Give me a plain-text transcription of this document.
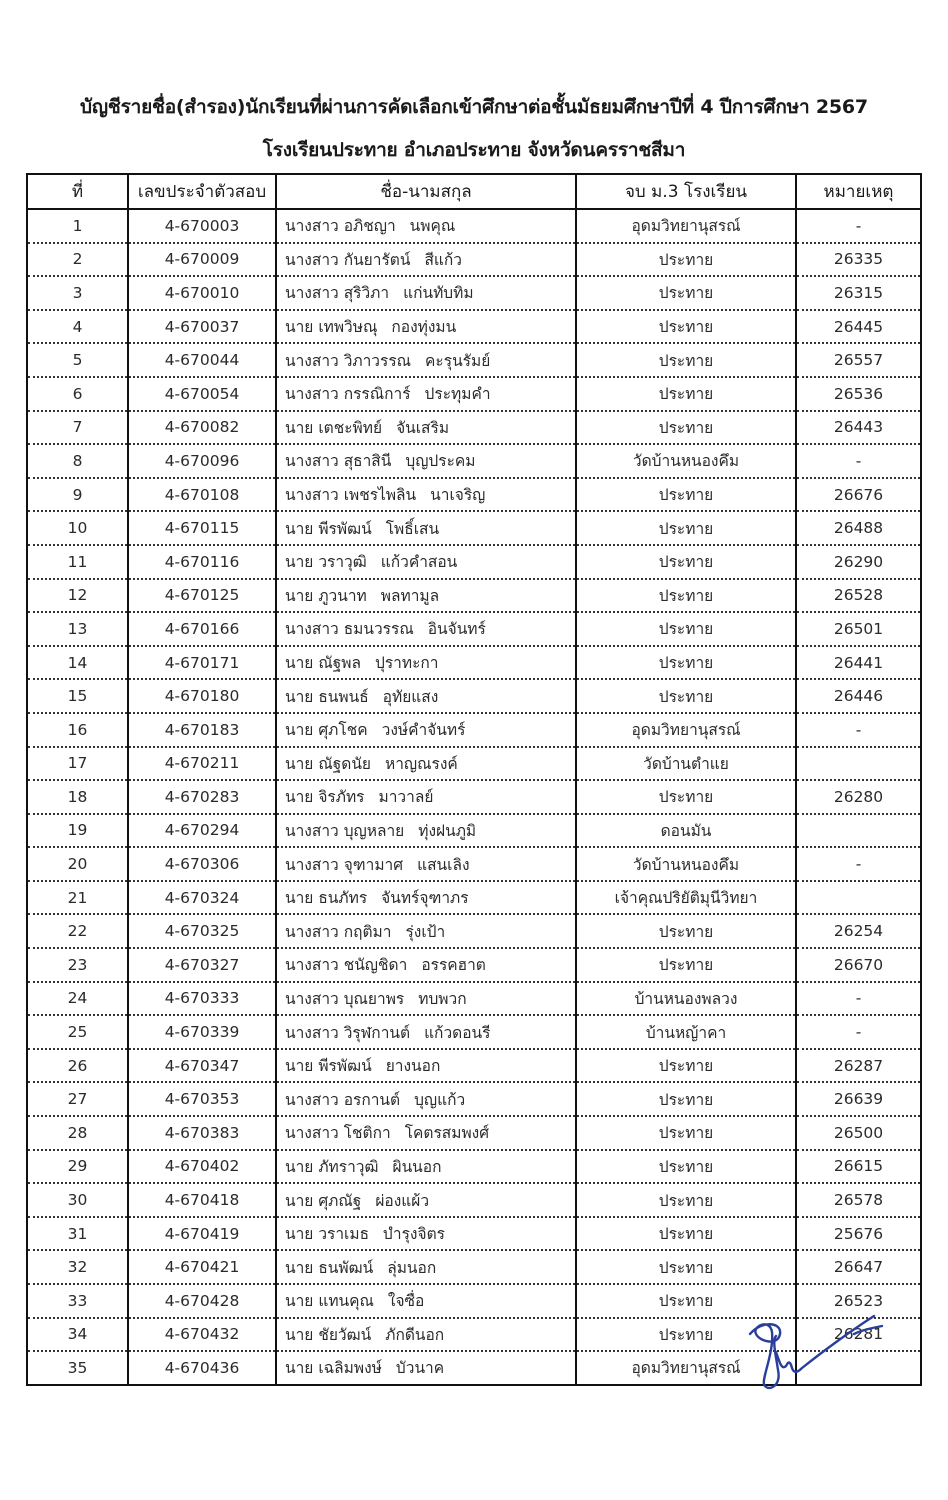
บัญชีรายชื่อ(สำรอง)นักเรียนที่ผ่านการคัดเลือกเข้าศึกษาต่อชั้นมัธยมศึกษาปีที่ 4 ปีการศึกษา 2567
โรงเรียนประทาย อำเภอประทาย จังหวัดนครราชสีมา
ที่	เลขประจำตัวสอบ	ชื่อ-นามสกุล	จบ ม.3 โรงเรียน	หมายเหตุ
1	4-670003	นางสาว อภิชญา นพคุณ	อุดมวิทยานุสรณ์	-
2	4-670009	นางสาว กันยารัตน์ สีแก้ว	ประทาย	26335
3	4-670010	นางสาว สุริวิภา แก่นทับทิม	ประทาย	26315
4	4-670037	นาย เทพวิษณุ กองทุ่งมน	ประทาย	26445
5	4-670044	นางสาว วิภาวรรณ คะรุนรัมย์	ประทาย	26557
6	4-670054	นางสาว กรรณิการ์ ประทุมคำ	ประทาย	26536
7	4-670082	นาย เตชะพิทย์ จันเสริม	ประทาย	26443
8	4-670096	นางสาว สุธาสินี บุญประคม	วัดบ้านหนองคึม	-
9	4-670108	นางสาว เพชรไพลิน นาเจริญ	ประทาย	26676
10	4-670115	นาย พีรพัฒน์ โพธิ์เสน	ประทาย	26488
11	4-670116	นาย วราวุฒิ แก้วคำสอน	ประทาย	26290
12	4-670125	นาย ภูวนาท พลทามูล	ประทาย	26528
13	4-670166	นางสาว ธมนวรรณ อินจันทร์	ประทาย	26501
14	4-670171	นาย ณัฐพล ปุราทะกา	ประทาย	26441
15	4-670180	นาย ธนพนธ์ อุทัยแสง	ประทาย	26446
16	4-670183	นาย ศุภโชค วงษ์คำจันทร์	อุดมวิทยานุสรณ์	-
17	4-670211	นาย ณัฐดนัย หาญณรงค์	วัดบ้านตำแย	
18	4-670283	นาย จิรภัทร มาวาลย์	ประทาย	26280
19	4-670294	นางสาว บุญหลาย ทุ่งฝนภูมิ	ดอนมัน	
20	4-670306	นางสาว จุฑามาศ แสนเลิง	วัดบ้านหนองคึม	-
21	4-670324	นาย ธนภัทร จันทร์จุฑาภร	เจ้าคุณปริยัติมุนีวิทยา	
22	4-670325	นางสาว กฤติมา รุ่งเป้า	ประทาย	26254
23	4-670327	นางสาว ชนัญชิดา อรรคฮาต	ประทาย	26670
24	4-670333	นางสาว บุณยาพร ทบพวก	บ้านหนองพลวง	-
25	4-670339	นางสาว วิรุฬกานต์ แก้วดอนรี	บ้านหญ้าคา	-
26	4-670347	นาย พีรพัฒน์ ยางนอก	ประทาย	26287
27	4-670353	นางสาว อรกานต์ บุญแก้ว	ประทาย	26639
28	4-670383	นางสาว โชติกา โคตรสมพงศ์	ประทาย	26500
29	4-670402	นาย ภัทราวุฒิ ผินนอก	ประทาย	26615
30	4-670418	นาย ศุภณัฐ ผ่องแผ้ว	ประทาย	26578
31	4-670419	นาย วราเมธ บำรุงจิตร	ประทาย	25676
32	4-670421	นาย ธนพัฒน์ ลุ่มนอก	ประทาย	26647
33	4-670428	นาย แทนคุณ ใจซื่อ	ประทาย	26523
34	4-670432	นาย ชัยวัฒน์ ภักดีนอก	ประทาย	26281
35	4-670436	นาย เฉลิมพงษ์ บัวนาค	อุดมวิทยานุสรณ์	
